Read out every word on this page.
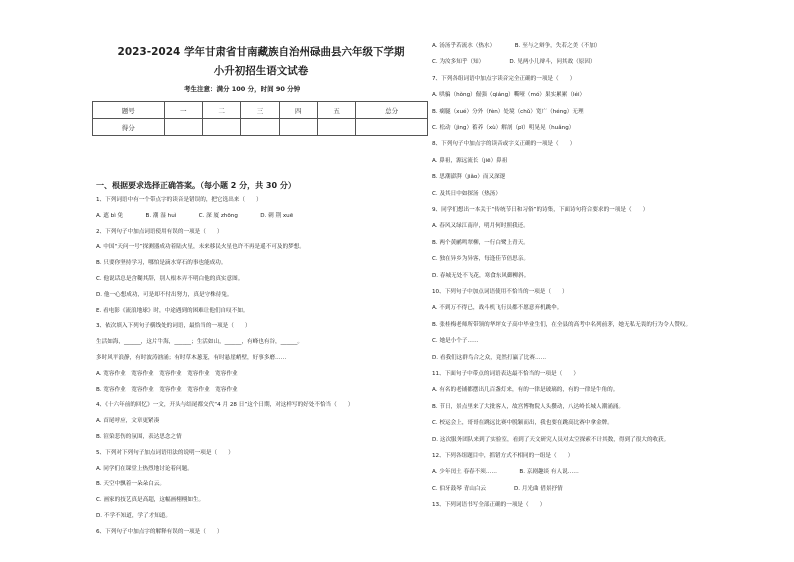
2023-2024 学年甘肃省甘南藏族自治州碌曲县六年级下学期
小升初招生语文试卷
考生注意：满分 100 分，时间 90 分钟
题号	一	二	三	四	五	总分
得分						
一、根据要求选择正确答案。（每小题 2 分，共 30 分）
1、下列词语中有一个带点字的读音是错误的，把它选出来（　　）
A. 遮 bì 免　　　　B. 潮 湿 huì　　　　C. 深 厦 zhōng　　　　D. 刺 荆 xuē
2、下列句子中加点词语使用有误的一项是（　　）
A. 中国“天问一号”探测器成功着陆火星，未来移民火星也许不再是遥不可及的梦想。
B. 只要你坚持学习，哪怕是滴水穿石的事也能成功。
C. 他说话总是含糊其辞，别人根本弄不明白他的真实意图。
D. 他一心想成功，可是却不付出努力，真是守株待兔。
E. 看电影《流浪地球》时，中途遇到的困难让他们自叹不如。
3、依次填入下列句子横线处的词语，最恰当的一项是（　　）
生活如海，______，这片牛海，______；生活如山，______，有峰也有谷，______。
多时风平浪静，有时波涛汹涌；有时草木葱茏，有时悬崖峭壁，好事多磨……
A. 宽容作业　宽容作业　宽容作业　宽容作业　宽容作业
B. 宽容作业　宽容作业　宽容作业　宽容作业　宽容作业
4、《十六年前的回忆》一文，开头与结尾都交代“4 月 28 日”这个日期，对这样写的好处不恰当（　　）
A. 首尾呼应，文章更紧凑
B. 渲染悲伤的氛围，表达思念之情
5、下列对下列句子加点词语用法的说明一项是（　　）
A. 同学们在课堂上热烈地讨论着问题。
B. 天空中飘着一朵朵白云。
C. 画家的技艺真是高超，这幅画栩栩如生。
D. 不学不知道，学了才知道。
6、下列句子中加点字的解释有误的一项是（　　）
A. 汤汤乎若流水（热水）　　　　B. 至与之辩争，失若之美（不加）
C. 为汝多知乎（知）　　　　　D. 见两小儿辩斗，问其故（原因）
7、下列各组词语中加点字读音完全正确的一项是（　　）
A. 哄骗（hǒng）倔强（qiáng）嘶哑（mó）果实累累（léi）
B. 瘸腿（xué）分外（fèn）处境（chǔ）宽广（héng）无理
C. 松动（jìng）蓄养（xù）解剖（pī）明晃晃（huǎng）
8、下列句子中加点字的读音或字义正确的一项是（　　）
A. 鼻祖，源远流长（jiē）鼻祖
B. 思潮澎湃（jiǎo）而又深邃
C. 及其日中如探汤（热汤）
9、同学们想出一本关于“传统节日和习俗”的诗集，下面诗句符合要求的一项是（　　）
A. 春风又绿江南岸，明月何时照我还。
B. 两个黄鹂鸣翠柳，一行白鹭上青天。
C. 独在异乡为异客，每逢佳节倍思亲。
D. 春城无处不飞花，寒食东风御柳斜。
10、下列句子中加点词语使用不恰当的一项是（　　）
A. 不到万不得已，战斗机飞行员都不愿意弃机跳伞。
B. 张桂梅老师所带领的华坪女子高中毕业生们，在全县的高考中名列前茅，她无私无畏的行为令人赞叹。
C. 她是小个子……
D. 看我们这群鸟合之众，竟然打赢了比赛……
11、下面句子中带点的词语表达最不恰当的一项是（　　）
A. 有名的老铺都摆出几百盏灯来，有的一律是玻璃的，有的一律是牛角的。
B. 节日，景点里来了大批客人，故宫博物院人头攒动，八达岭长城人潮涌涌。
C. 校运会上，哥哥在跳远比赛中脱颖而出，我也要在跳高比赛中拿金牌。
D. 这次服务团队来到了实验室，看到了天文研究人员对太空探索不计其数，得到了很大的收获。
12、下列各组题目中，抓错方式不相同的一组是（　　）
A. 少年闰土 春春不须……　　　　B. 京剧趣谈 有人说……
C. 伯牙鼓琴 青山白云　　　　　D. 月光曲 借景抒情
13、下列词语书写全部正确的一项是（　　）
